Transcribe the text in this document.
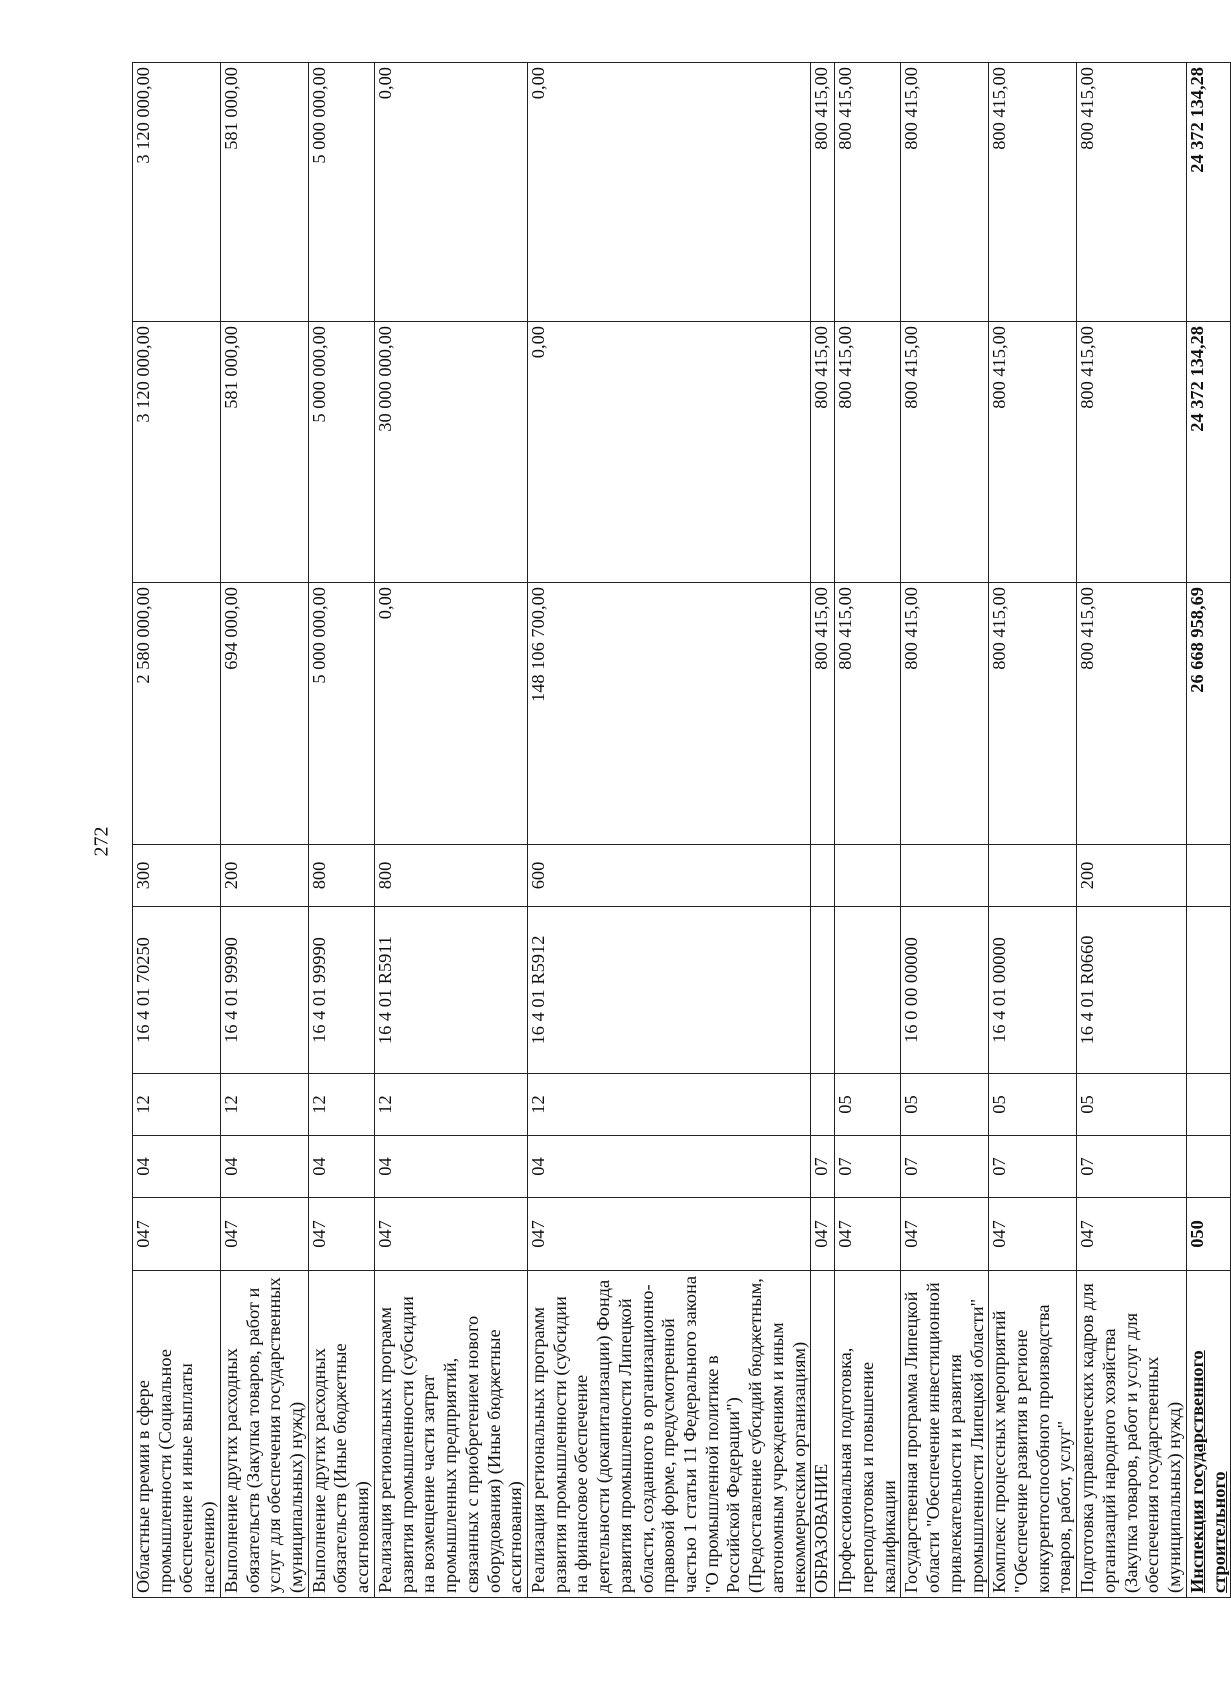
272
Областные премии в сфере промышленности (Социальное обеспечение и иные выплаты населению)	047	04	12	16 4 01 70250	300	2 580 000,00	3 120 000,00	3 120 000,00
Выполнение других расходных обязательств (Закупка товаров, работ и услуг для обеспечения государственных (муниципальных) нужд)	047	04	12	16 4 01 99990	200	694 000,00	581 000,00	581 000,00
Выполнение других расходных обязательств (Иные бюджетные ассигнования)	047	04	12	16 4 01 99990	800	5 000 000,00	5 000 000,00	5 000 000,00
Реализация региональных программ развития промышленности (субсидии на возмещение части затрат промышленных предприятий, связанных с приобретением нового оборудования) (Иные бюджетные ассигнования)	047	04	12	16 4 01 R5911	800	0,00	30 000 000,00	0,00
Реализация региональных программ развития промышленности (субсидии на финансовое обеспечение деятельности (докапитализации) Фонда развития промышленности Липецкой области, созданного в организационно-правовой форме, предусмотренной частью 1 статьи 11 Федерального закона "О промышленной политике в Российской Федерации") (Предоставление субсидий бюджетным, автономным учреждениям и иным некоммерческим организациям)	047	04	12	16 4 01 R5912	600	148 106 700,00	0,00	0,00
ОБРАЗОВАНИЕ	047	07				800 415,00	800 415,00	800 415,00
Профессиональная подготовка, переподготовка и повышение квалификации	047	07	05			800 415,00	800 415,00	800 415,00
Государственная программа Липецкой области "Обеспечение инвестиционной привлекательности и развития промышленности Липецкой области"	047	07	05	16 0 00 00000		800 415,00	800 415,00	800 415,00
Комплекс процессных мероприятий "Обеспечение развития в регионе конкурентоспособного производства товаров, работ, услуг"	047	07	05	16 4 01 00000		800 415,00	800 415,00	800 415,00
Подготовка управленческих кадров для организаций народного хозяйства (Закупка товаров, работ и услуг для обеспечения государственных (муниципальных) нужд)	047	07	05	16 4 01 R0660	200	800 415,00	800 415,00	800 415,00
Инспекция государственного строительного	050					26 668 958,69	24 372 134,28	24 372 134,28
